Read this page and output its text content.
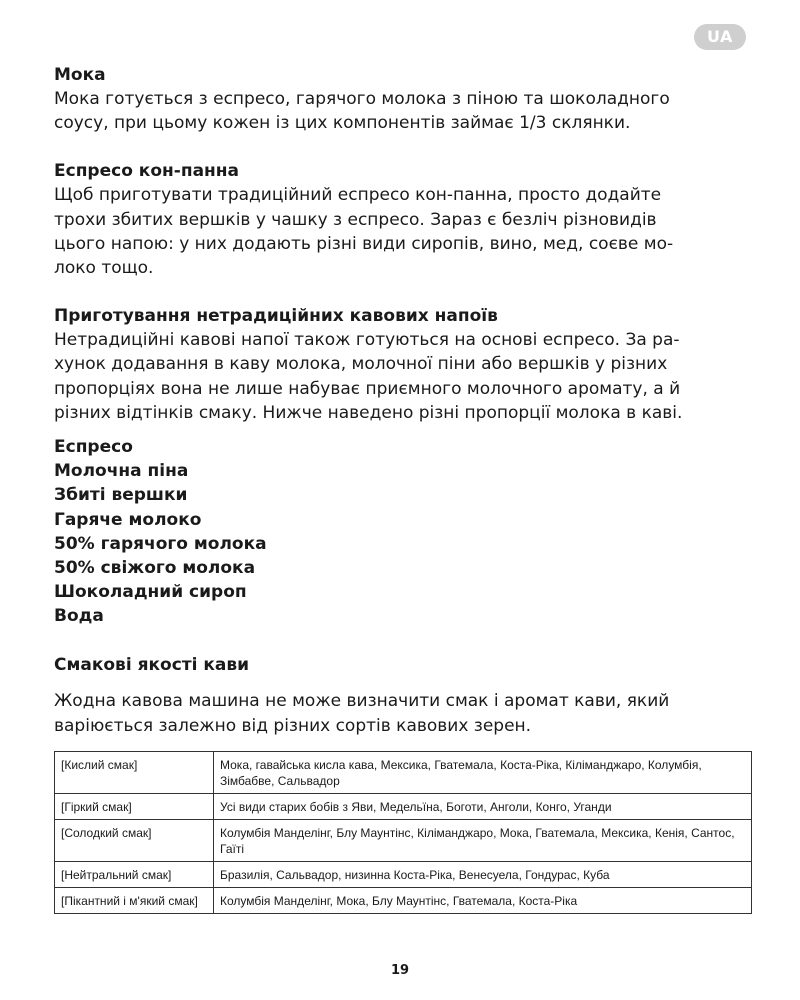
UA

Мока

Мока готується з еспресо, гарячого молока з піною та шоколадного
соусу, при цьому кожен із цих компонентів займає 1/3 склянки.

Еспресо кон-панна

Щоб приготувати традиційний еспресо кон-панна, просто додайте
трохи збитих вершків у чашку з еспресо. Зараз є безліч різновидів
цього напою: у них додають різні види сиропів, вино, мед, соєве мо-
локо тощо.

Приготування нетрадиційних кавових напоїв

Нетрадиційні кавові напої також готуються на основі еспресо. За ра-
хунок додавання в каву молока, молочної піни або вершків у різних
пропорціях вона не лише набуває приємного молочного аромату, а й
різних відтінків смаку. Нижче наведено різні пропорції молока в каві.

Еспресо
Молочна піна
Збиті вершки
Гаряче молоко
50% гарячого молока
50% свіжого молока
Шоколадний сироп
Вода

Смакові якості кави

Жодна кавова машина не може визначити смак і аромат кави, який
варіюється залежно від різних сортів кавових зерен.

[Кислий смак]	Мока, гавайська кисла кава, Мексика, Гватемала, Коста-Ріка, Кіліманджаро, Колумбія, Зімбабве, Сальвадор
[Гіркий смак]	Усі види старих бобів з Яви, Медельїна, Боготи, Анголи, Конго, Уганди
[Солодкий смак]	Колумбія Манделінг, Блу Маунтінс, Кіліманджаро, Мока, Гватемала, Мексика, Кенія, Сантос, Гаїті
[Нейтральний смак]	Бразилія, Сальвадор, низинна Коста-Ріка, Венесуела, Гондурас, Куба
[Пікантний і м'який смак]	Колумбія Манделінг, Мока, Блу Маунтінс, Гватемала, Коста-Ріка
19
